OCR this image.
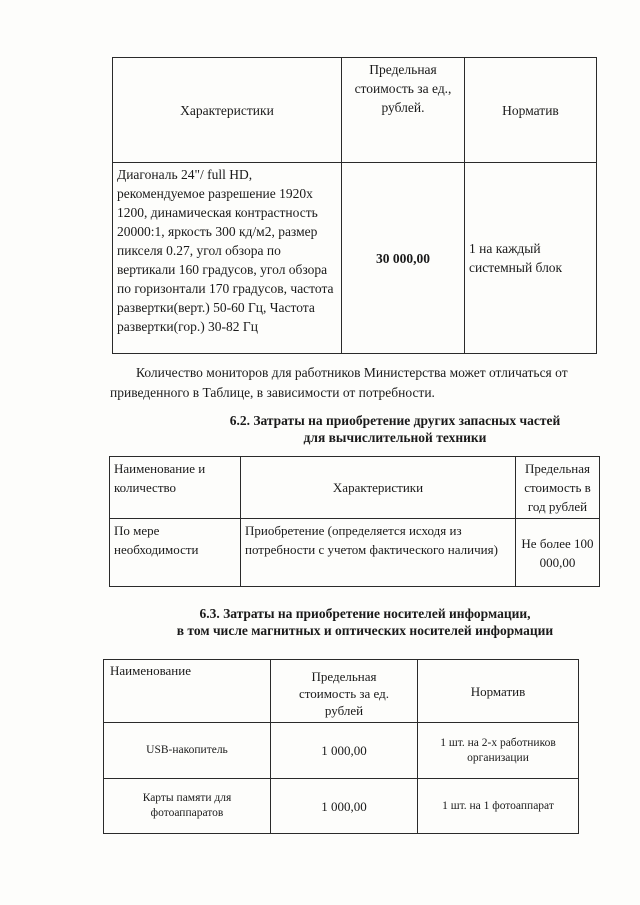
Характеристики	Предельная стоимость за ед., рублей.	Норматив
Диагональ 24"/ full HD, рекомендуемое разрешение 1920х 1200, динамическая контрастность 20000:1, яркость 300 кд/м2, размер пикселя 0.27, угол обзора по вертикали 160 градусов, угол обзора по горизонтали 170 градусов, частота развертки(верт.) 50-60 Гц, Частота развертки(гор.) 30-82 Гц	30 000,00	1 на каждый системный блок

Количество мониторов для работников Министерства может отличаться от приведенного в Таблице, в зависимости от потребности.

6.2. Затраты на приобретение других запасных частей
для вычислительной техники
Наименование и количество	Характеристики	Предельная стоимость в год рублей
По мере необходимости	Приобретение (определяется исходя из потребности с учетом фактического наличия)	Не более 100 000,00
6.3. Затраты на приобретение носителей информации,
в том числе магнитных и оптических носителей информации
Наименование	Предельная стоимость за ед. рублей	Норматив
USB-накопитель	1 000,00	1 шт. на 2-х работников организации

Карты памяти для фотоаппаратов	1 000,00	1 шт. на 1 фотоаппарат
